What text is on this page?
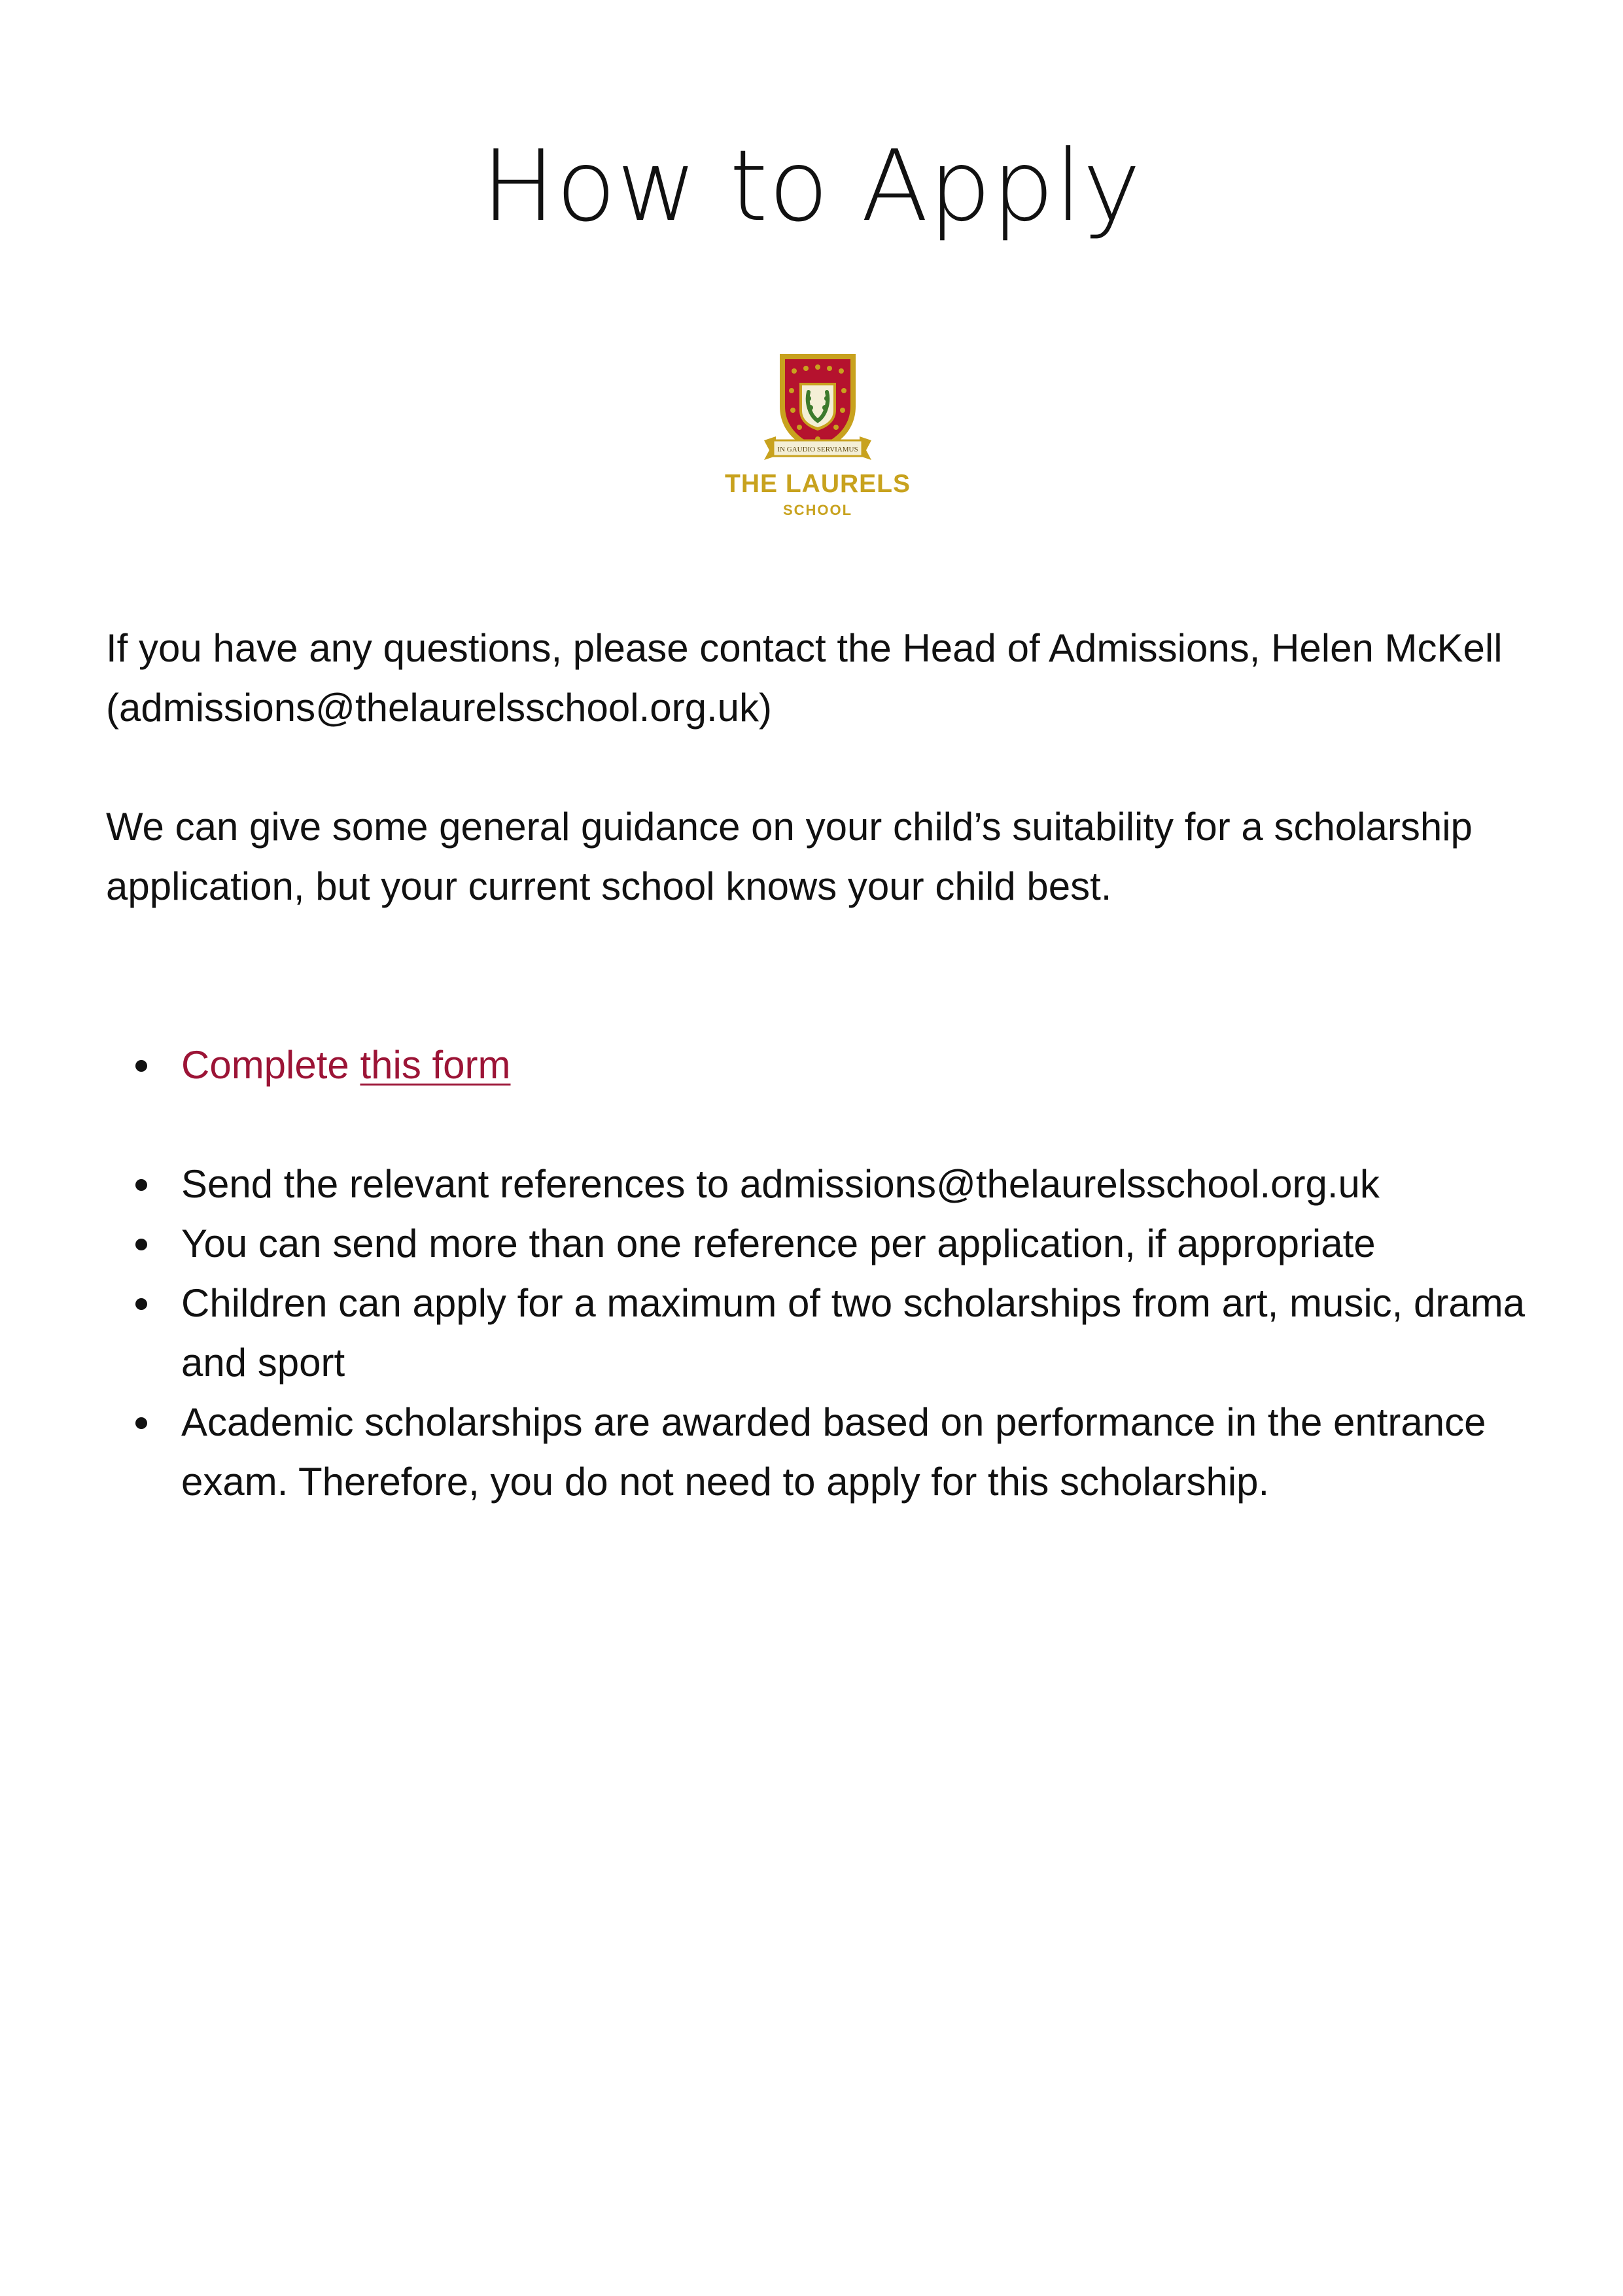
How to Apply
IN GAUDIO SERVIAMUS
THE LAURELS
SCHOOL

If you have any questions, please contact the Head of Admissions, Helen McKell (admissions@thelaurelsschool.org.uk)

We can give some general guidance on your child’s suitability for a scholarship application, but your current school knows your child best.

Complete this form
Send the relevant references to admissions@thelaurelsschool.org.uk
You can send more than one reference per application, if appropriate
Children can apply for a maximum of two scholarships from art, music, drama and sport
Academic scholarships are awarded based on performance in the entrance exam. Therefore, you do not need to apply for this scholarship.
